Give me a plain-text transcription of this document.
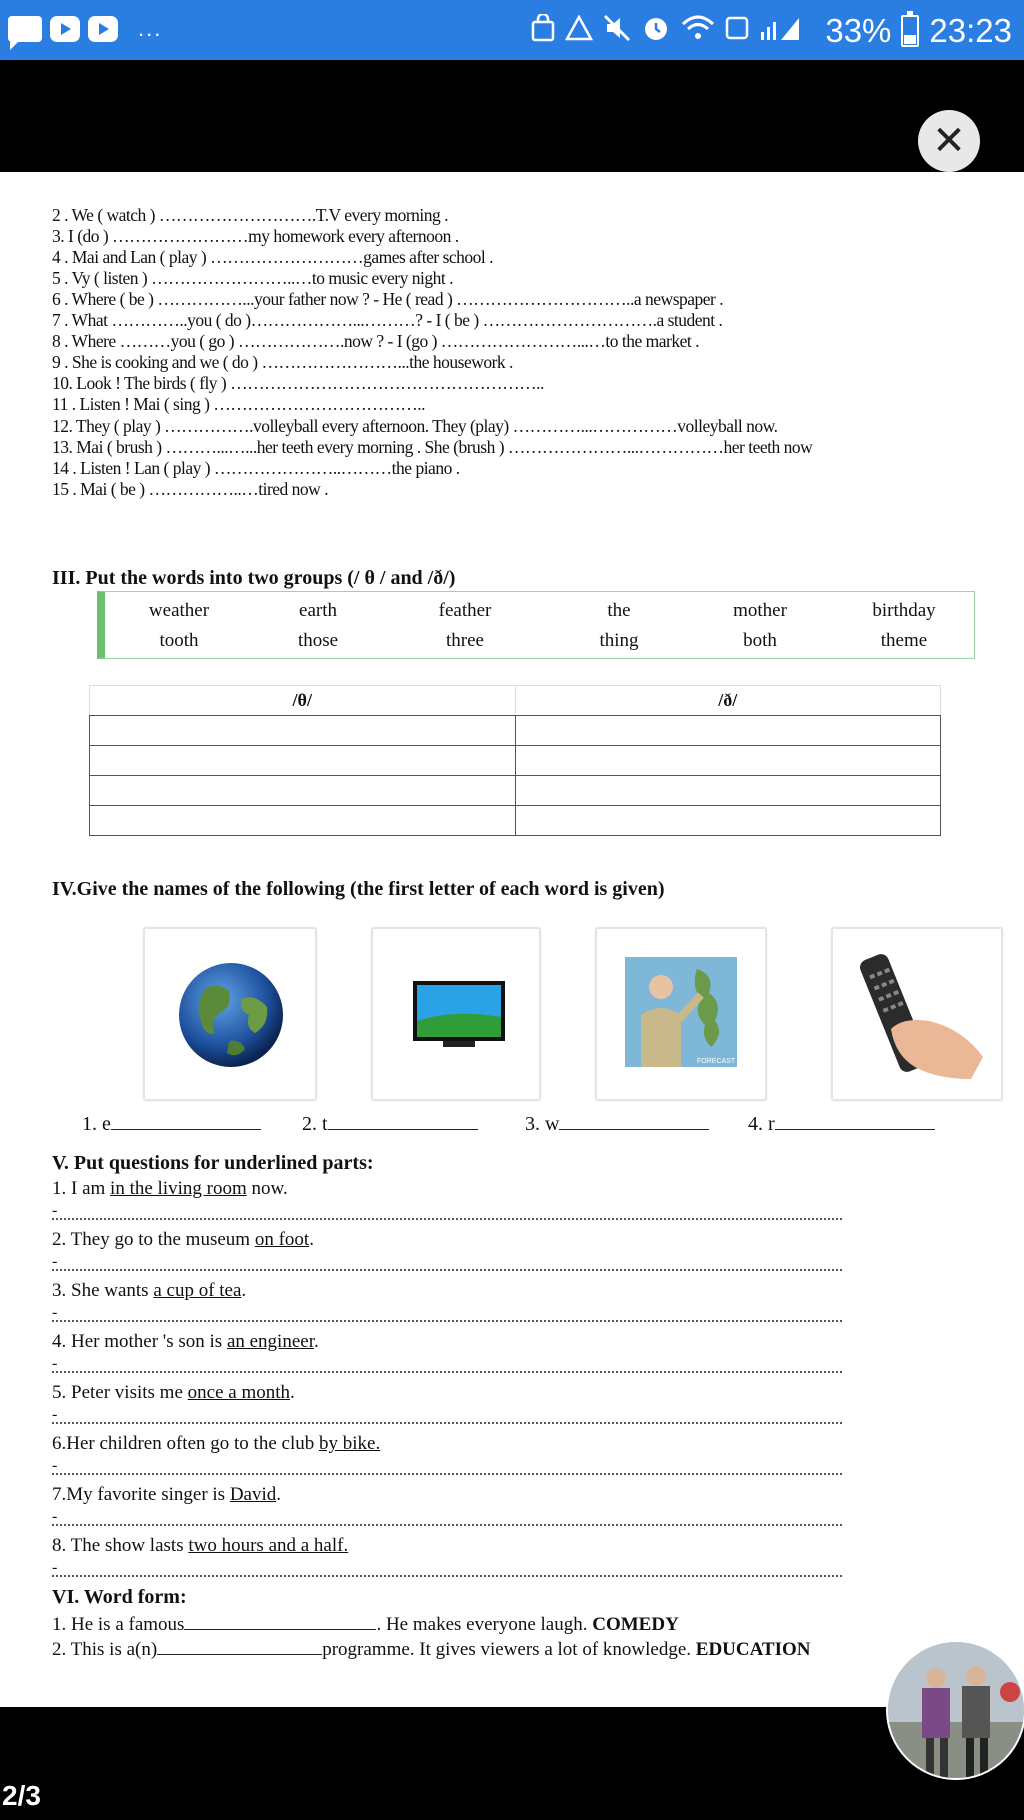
...	33% 23:23
✕
2 . We ( watch ) ……………………….T.V every morning .
3. I (do ) ……………………my homework every afternoon .
4 . Mai and Lan ( play ) ………………………games after school .
5 . Vy ( listen ) ……………………..…to music every night .
6 . Where ( be ) ……………...your father now ? - He ( read ) …………………………..a newspaper .
7 . What …………..you ( do )………………...………? - I ( be ) ………………………….a student .
8 . Where ………you ( go ) ……………….now ? - I (go ) ……………………...…to the market .
9 . She is cooking and we ( do ) ……………………...the housework .
10. Look ! The birds ( fly ) ………………………………………………..
11 . Listen ! Mai ( sing ) ………………………………..
12. They ( play ) …………….volleyball every afternoon. They (play) …………...……………volleyball now.
13. Mai ( brush ) ………...…...her teeth every morning . She (brush ) …………………...……………her teeth now
14 . Listen ! Lan ( play ) …………………..………the piano .
15 . Mai ( be ) ……………..…tired now .
III. Put the words into two groups (/ θ / and /ð/)
weather	earth	feather	the	mother	birthday
tooth	those	three	thing	both	theme
/θ/	/ð/

IV.Give the names of the following (the first letter of each word is given)
FORECAST
1. e	2. t	3. w	4. r
V. Put questions for underlined parts:
1. I am in the living room now.
-
2. They go to the museum on foot.
-
3. She wants a cup of tea.
-
4. Her mother 's son is an engineer.
-
5. Peter visits me once a month.
-
6.Her children often go to the club by bike.
-
7.My favorite singer is David.
-
8. The show lasts two hours and a half.
-
VI. Word form:
1. He is a famous	. He makes everyone laugh. COMEDY
2. This is a(n)	programme. It gives viewers a lot of knowledge. EDUCATION
2/3
